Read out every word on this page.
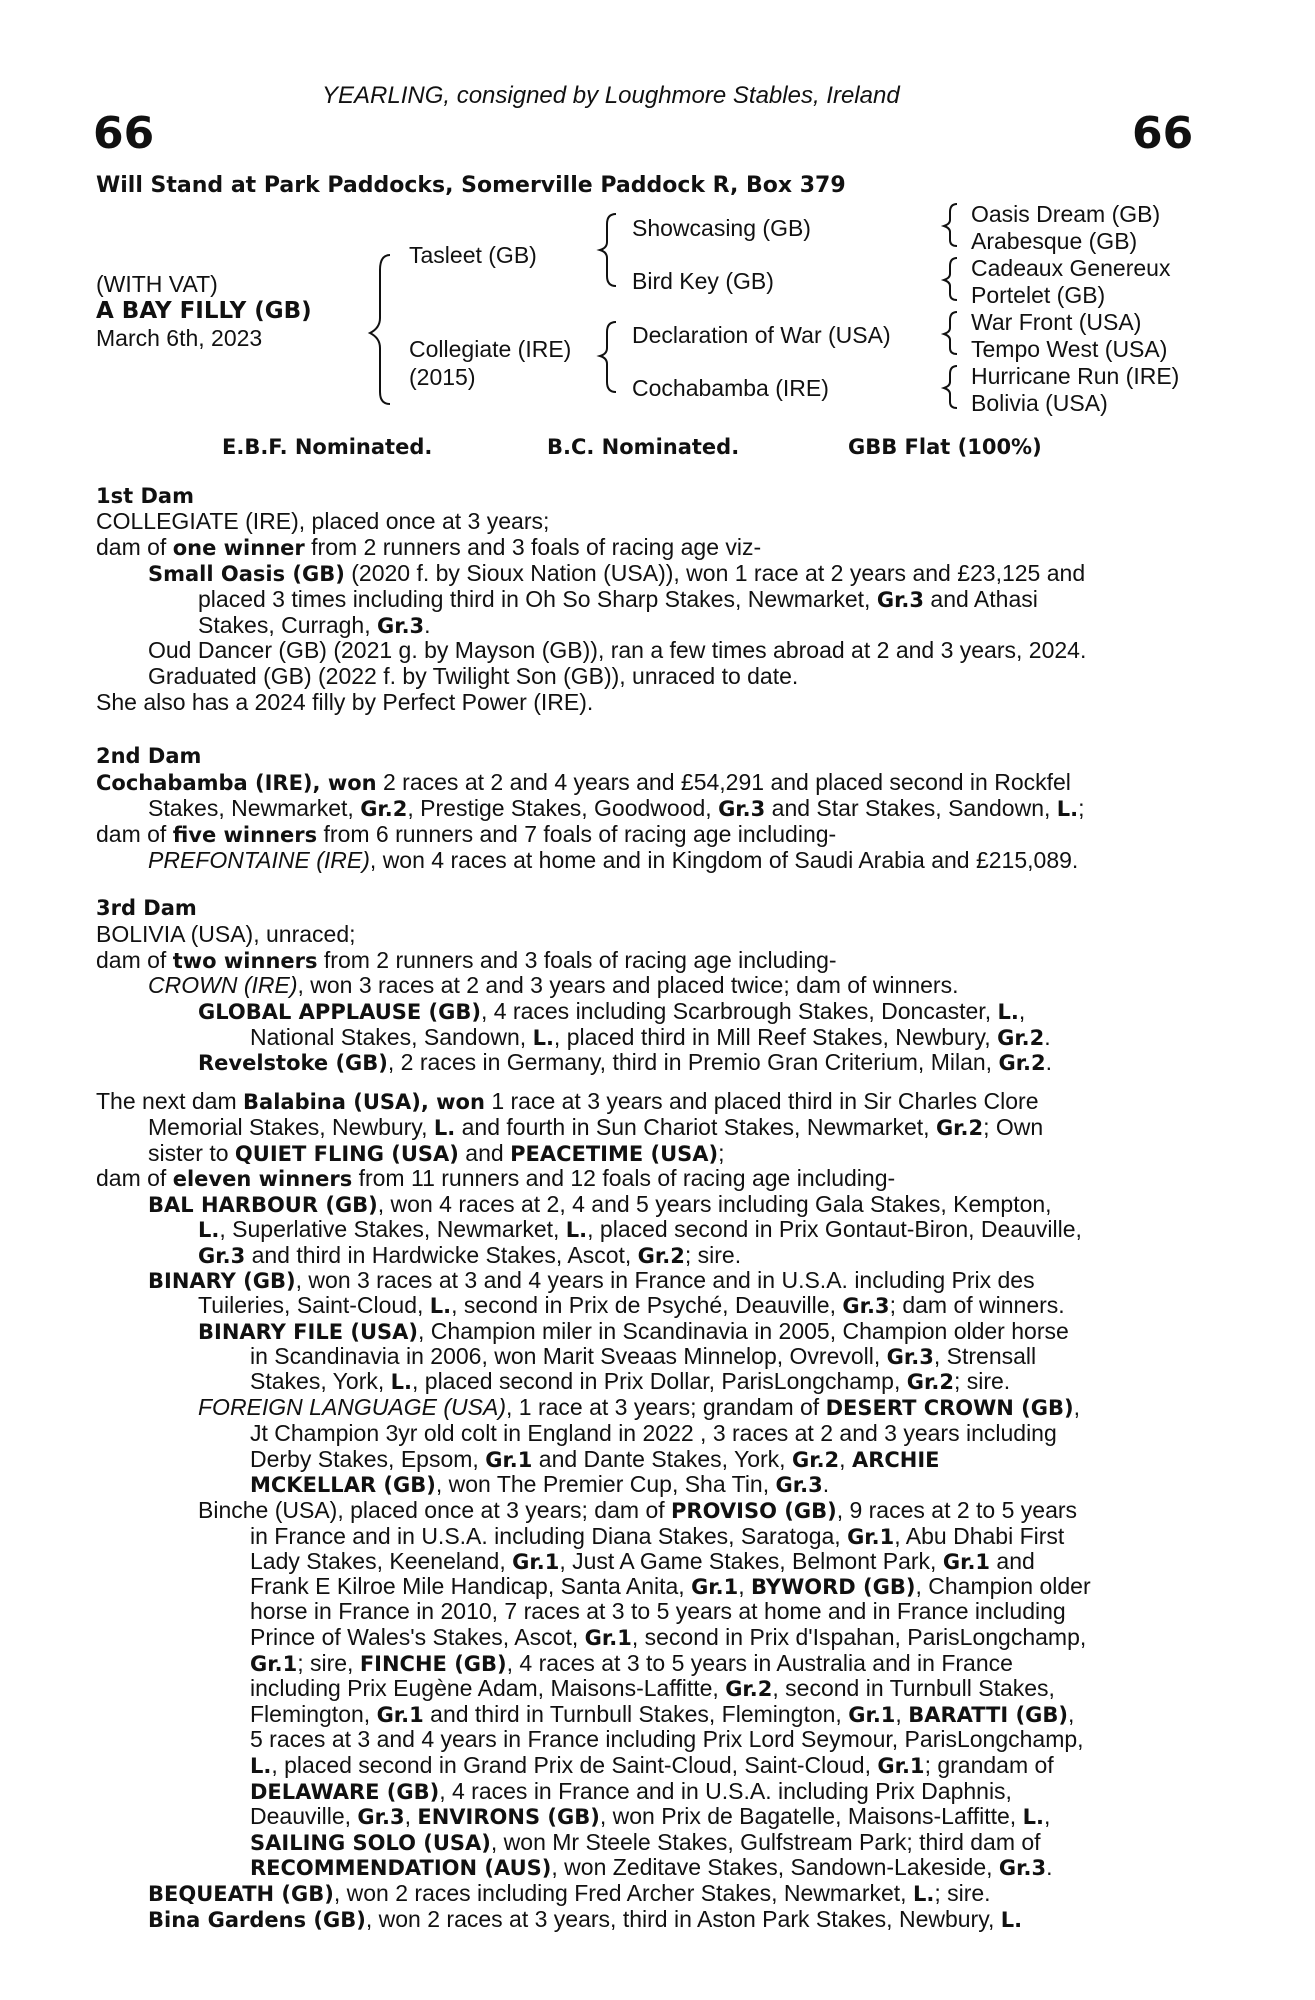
YEARLING, consigned by Loughmore Stables, Ireland
66	66
Will Stand at Park Paddocks, Somerville Paddock R, Box 379
(WITH VAT)
A BAY FILLY (GB)
March 6th, 2023
Tasleet (GB)
Collegiate (IRE)
(2015)
Showcasing (GB)
Bird Key (GB)
Declaration of War (USA)
Cochabamba (IRE)
Oasis Dream (GB)
Arabesque (GB)
Cadeaux Genereux
Portelet (GB)
War Front (USA)
Tempo West (USA)
Hurricane Run (IRE)
Bolivia (USA)
E.B.F. Nominated.	B.C. Nominated.	GBB Flat (100%)
1st Dam
COLLEGIATE (IRE), placed once at 3 years;
dam of one winner from 2 runners and 3 foals of racing age viz-
Small Oasis (GB) (2020 f. by Sioux Nation (USA)), won 1 race at 2 years and £23,125 and
placed 3 times including third in Oh So Sharp Stakes, Newmarket, Gr.3 and Athasi
Stakes, Curragh, Gr.3.
Oud Dancer (GB) (2021 g. by Mayson (GB)), ran a few times abroad at 2 and 3 years, 2024.
Graduated (GB) (2022 f. by Twilight Son (GB)), unraced to date.
She also has a 2024 filly by Perfect Power (IRE).
2nd Dam
Cochabamba (IRE), won 2 races at 2 and 4 years and £54,291 and placed second in Rockfel
Stakes, Newmarket, Gr.2, Prestige Stakes, Goodwood, Gr.3 and Star Stakes, Sandown, L.;
dam of five winners from 6 runners and 7 foals of racing age including-
PREFONTAINE (IRE), won 4 races at home and in Kingdom of Saudi Arabia and £215,089.
3rd Dam
BOLIVIA (USA), unraced;
dam of two winners from 2 runners and 3 foals of racing age including-
CROWN (IRE), won 3 races at 2 and 3 years and placed twice; dam of winners.
GLOBAL APPLAUSE (GB), 4 races including Scarbrough Stakes, Doncaster, L.,
National Stakes, Sandown, L., placed third in Mill Reef Stakes, Newbury, Gr.2.
Revelstoke (GB), 2 races in Germany, third in Premio Gran Criterium, Milan, Gr.2.
The next dam Balabina (USA), won 1 race at 3 years and placed third in Sir Charles Clore
Memorial Stakes, Newbury, L. and fourth in Sun Chariot Stakes, Newmarket, Gr.2; Own
sister to QUIET FLING (USA) and PEACETIME (USA);
dam of eleven winners from 11 runners and 12 foals of racing age including-
BAL HARBOUR (GB), won 4 races at 2, 4 and 5 years including Gala Stakes, Kempton,
L., Superlative Stakes, Newmarket, L., placed second in Prix Gontaut-Biron, Deauville,
Gr.3 and third in Hardwicke Stakes, Ascot, Gr.2; sire.
BINARY (GB), won 3 races at 3 and 4 years in France and in U.S.A. including Prix des
Tuileries, Saint-Cloud, L., second in Prix de Psyché, Deauville, Gr.3; dam of winners.
BINARY FILE (USA), Champion miler in Scandinavia in 2005, Champion older horse
in Scandinavia in 2006, won Marit Sveaas Minnelop, Ovrevoll, Gr.3, Strensall
Stakes, York, L., placed second in Prix Dollar, ParisLongchamp, Gr.2; sire.
FOREIGN LANGUAGE (USA), 1 race at 3 years; grandam of DESERT CROWN (GB),
Jt Champion 3yr old colt in England in 2022 , 3 races at 2 and 3 years including
Derby Stakes, Epsom, Gr.1 and Dante Stakes, York, Gr.2, ARCHIE
MCKELLAR (GB), won The Premier Cup, Sha Tin, Gr.3.
Binche (USA), placed once at 3 years; dam of PROVISO (GB), 9 races at 2 to 5 years
in France and in U.S.A. including Diana Stakes, Saratoga, Gr.1, Abu Dhabi First
Lady Stakes, Keeneland, Gr.1, Just A Game Stakes, Belmont Park, Gr.1 and
Frank E Kilroe Mile Handicap, Santa Anita, Gr.1, BYWORD (GB), Champion older
horse in France in 2010, 7 races at 3 to 5 years at home and in France including
Prince of Wales's Stakes, Ascot, Gr.1, second in Prix d'Ispahan, ParisLongchamp,
Gr.1; sire, FINCHE (GB), 4 races at 3 to 5 years in Australia and in France
including Prix Eugène Adam, Maisons-Laffitte, Gr.2, second in Turnbull Stakes,
Flemington, Gr.1 and third in Turnbull Stakes, Flemington, Gr.1, BARATTI (GB),
5 races at 3 and 4 years in France including Prix Lord Seymour, ParisLongchamp,
L., placed second in Grand Prix de Saint-Cloud, Saint-Cloud, Gr.1; grandam of
DELAWARE (GB), 4 races in France and in U.S.A. including Prix Daphnis,
Deauville, Gr.3, ENVIRONS (GB), won Prix de Bagatelle, Maisons-Laffitte, L.,
SAILING SOLO (USA), won Mr Steele Stakes, Gulfstream Park; third dam of
RECOMMENDATION (AUS), won Zeditave Stakes, Sandown-Lakeside, Gr.3.
BEQUEATH (GB), won 2 races including Fred Archer Stakes, Newmarket, L.; sire.
Bina Gardens (GB), won 2 races at 3 years, third in Aston Park Stakes, Newbury, L.
